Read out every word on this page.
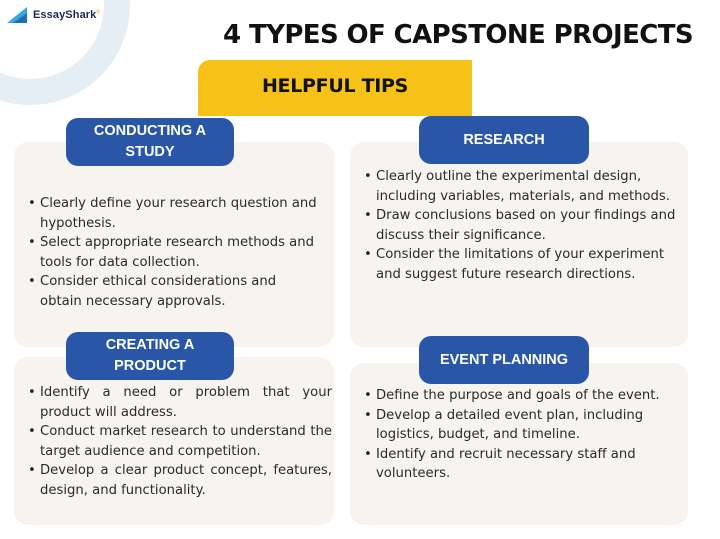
EssayShark®
4 TYPES OF CAPSTONE PROJECTS
HELPFUL TIPS
CONDUCTING A
STUDY
RESEARCH
CREATING A
PRODUCT	EVENT PLANNING
• Clearly define your research question and hypothesis.
• Select appropriate research methods and tools for data collection.
• Consider ethical considerations and obtain necessary approvals.
• Clearly outline the experimental design, including variables, materials, and methods.
• Draw conclusions based on your findings and discuss their significance.
• Consider the limitations of your experiment and suggest future research directions.
• Identify a need or problem that your product will address.
• Conduct market research to understand the target audience and competition.
• Develop a clear product concept, features, design, and functionality.
• Define the purpose and goals of the event.
• Develop a detailed event plan, including logistics, budget, and timeline.
• Identify and recruit necessary staff and volunteers.
